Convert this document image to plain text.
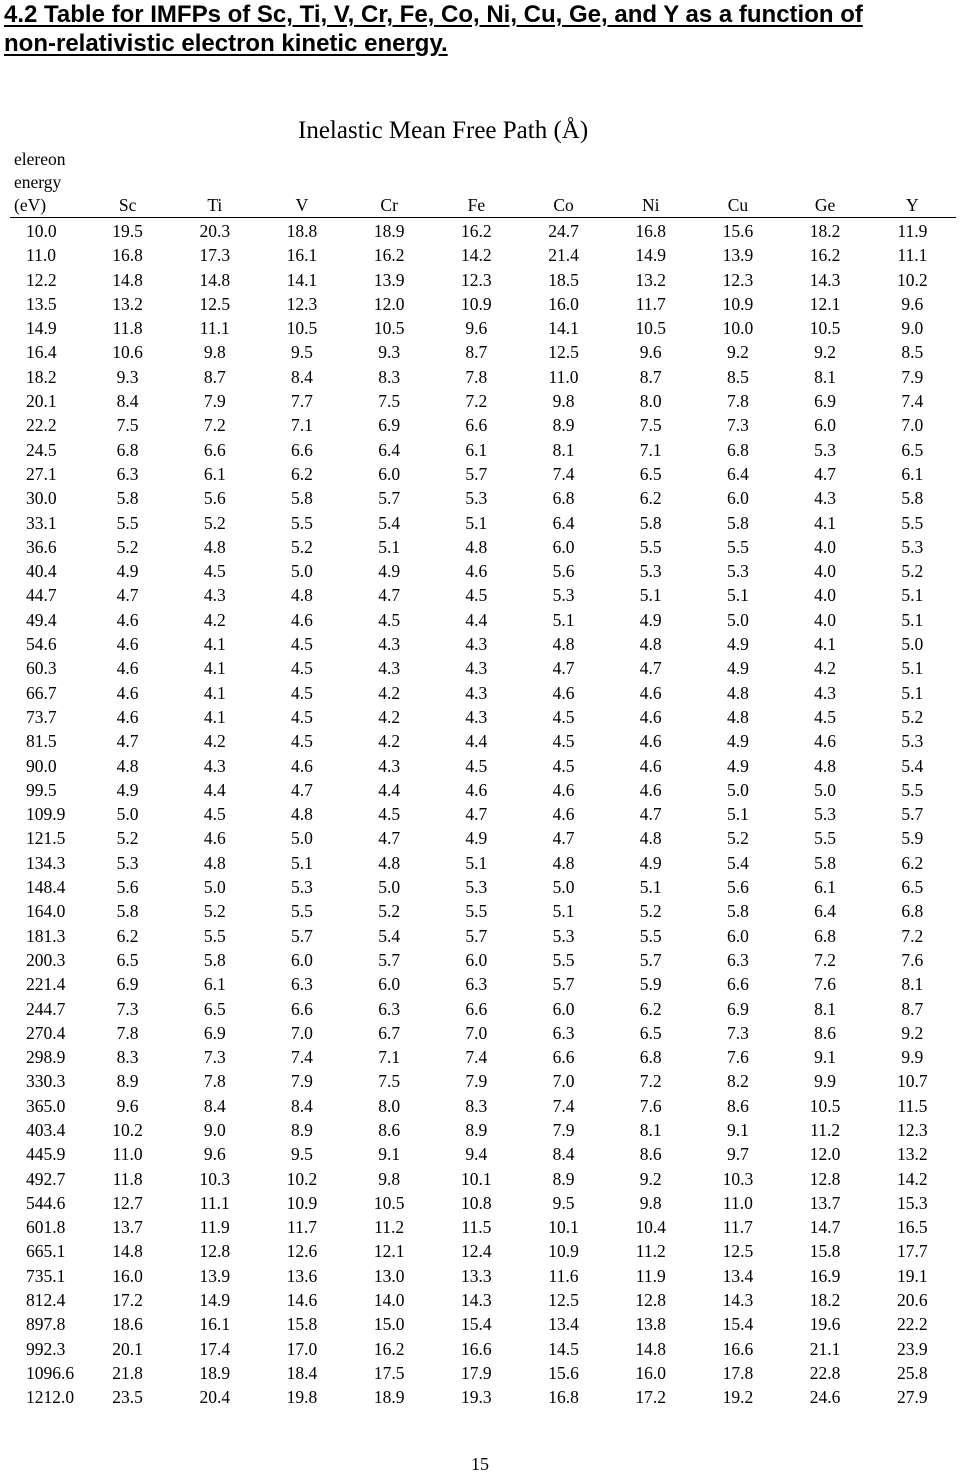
4.2 Table for IMFPs of Sc, Ti, V, Cr, Fe, Co, Ni, Cu, Ge, and Y as a function of
non-relativistic electron kinetic energy.
Inelastic Mean Free Path (Å)
elereon
energy
(eV)	Sc	Ti	V	Cr	Fe	Co	Ni	Cu	Ge	Y
10.0	19.5	20.3	18.8	18.9	16.2	24.7	16.8	15.6	18.2	11.9
11.0	16.8	17.3	16.1	16.2	14.2	21.4	14.9	13.9	16.2	11.1
12.2	14.8	14.8	14.1	13.9	12.3	18.5	13.2	12.3	14.3	10.2
13.5	13.2	12.5	12.3	12.0	10.9	16.0	11.7	10.9	12.1	9.6
14.9	11.8	11.1	10.5	10.5	9.6	14.1	10.5	10.0	10.5	9.0
16.4	10.6	9.8	9.5	9.3	8.7	12.5	9.6	9.2	9.2	8.5
18.2	9.3	8.7	8.4	8.3	7.8	11.0	8.7	8.5	8.1	7.9
20.1	8.4	7.9	7.7	7.5	7.2	9.8	8.0	7.8	6.9	7.4
22.2	7.5	7.2	7.1	6.9	6.6	8.9	7.5	7.3	6.0	7.0
24.5	6.8	6.6	6.6	6.4	6.1	8.1	7.1	6.8	5.3	6.5
27.1	6.3	6.1	6.2	6.0	5.7	7.4	6.5	6.4	4.7	6.1
30.0	5.8	5.6	5.8	5.7	5.3	6.8	6.2	6.0	4.3	5.8
33.1	5.5	5.2	5.5	5.4	5.1	6.4	5.8	5.8	4.1	5.5
36.6	5.2	4.8	5.2	5.1	4.8	6.0	5.5	5.5	4.0	5.3
40.4	4.9	4.5	5.0	4.9	4.6	5.6	5.3	5.3	4.0	5.2
44.7	4.7	4.3	4.8	4.7	4.5	5.3	5.1	5.1	4.0	5.1
49.4	4.6	4.2	4.6	4.5	4.4	5.1	4.9	5.0	4.0	5.1
54.6	4.6	4.1	4.5	4.3	4.3	4.8	4.8	4.9	4.1	5.0
60.3	4.6	4.1	4.5	4.3	4.3	4.7	4.7	4.9	4.2	5.1
66.7	4.6	4.1	4.5	4.2	4.3	4.6	4.6	4.8	4.3	5.1
73.7	4.6	4.1	4.5	4.2	4.3	4.5	4.6	4.8	4.5	5.2
81.5	4.7	4.2	4.5	4.2	4.4	4.5	4.6	4.9	4.6	5.3
90.0	4.8	4.3	4.6	4.3	4.5	4.5	4.6	4.9	4.8	5.4
99.5	4.9	4.4	4.7	4.4	4.6	4.6	4.6	5.0	5.0	5.5
109.9	5.0	4.5	4.8	4.5	4.7	4.6	4.7	5.1	5.3	5.7
121.5	5.2	4.6	5.0	4.7	4.9	4.7	4.8	5.2	5.5	5.9
134.3	5.3	4.8	5.1	4.8	5.1	4.8	4.9	5.4	5.8	6.2
148.4	5.6	5.0	5.3	5.0	5.3	5.0	5.1	5.6	6.1	6.5
164.0	5.8	5.2	5.5	5.2	5.5	5.1	5.2	5.8	6.4	6.8
181.3	6.2	5.5	5.7	5.4	5.7	5.3	5.5	6.0	6.8	7.2
200.3	6.5	5.8	6.0	5.7	6.0	5.5	5.7	6.3	7.2	7.6
221.4	6.9	6.1	6.3	6.0	6.3	5.7	5.9	6.6	7.6	8.1
244.7	7.3	6.5	6.6	6.3	6.6	6.0	6.2	6.9	8.1	8.7
270.4	7.8	6.9	7.0	6.7	7.0	6.3	6.5	7.3	8.6	9.2
298.9	8.3	7.3	7.4	7.1	7.4	6.6	6.8	7.6	9.1	9.9
330.3	8.9	7.8	7.9	7.5	7.9	7.0	7.2	8.2	9.9	10.7
365.0	9.6	8.4	8.4	8.0	8.3	7.4	7.6	8.6	10.5	11.5
403.4	10.2	9.0	8.9	8.6	8.9	7.9	8.1	9.1	11.2	12.3
445.9	11.0	9.6	9.5	9.1	9.4	8.4	8.6	9.7	12.0	13.2
492.7	11.8	10.3	10.2	9.8	10.1	8.9	9.2	10.3	12.8	14.2
544.6	12.7	11.1	10.9	10.5	10.8	9.5	9.8	11.0	13.7	15.3
601.8	13.7	11.9	11.7	11.2	11.5	10.1	10.4	11.7	14.7	16.5
665.1	14.8	12.8	12.6	12.1	12.4	10.9	11.2	12.5	15.8	17.7
735.1	16.0	13.9	13.6	13.0	13.3	11.6	11.9	13.4	16.9	19.1
812.4	17.2	14.9	14.6	14.0	14.3	12.5	12.8	14.3	18.2	20.6
897.8	18.6	16.1	15.8	15.0	15.4	13.4	13.8	15.4	19.6	22.2
992.3	20.1	17.4	17.0	16.2	16.6	14.5	14.8	16.6	21.1	23.9
1096.6	21.8	18.9	18.4	17.5	17.9	15.6	16.0	17.8	22.8	25.8
1212.0	23.5	20.4	19.8	18.9	19.3	16.8	17.2	19.2	24.6	27.9
15
